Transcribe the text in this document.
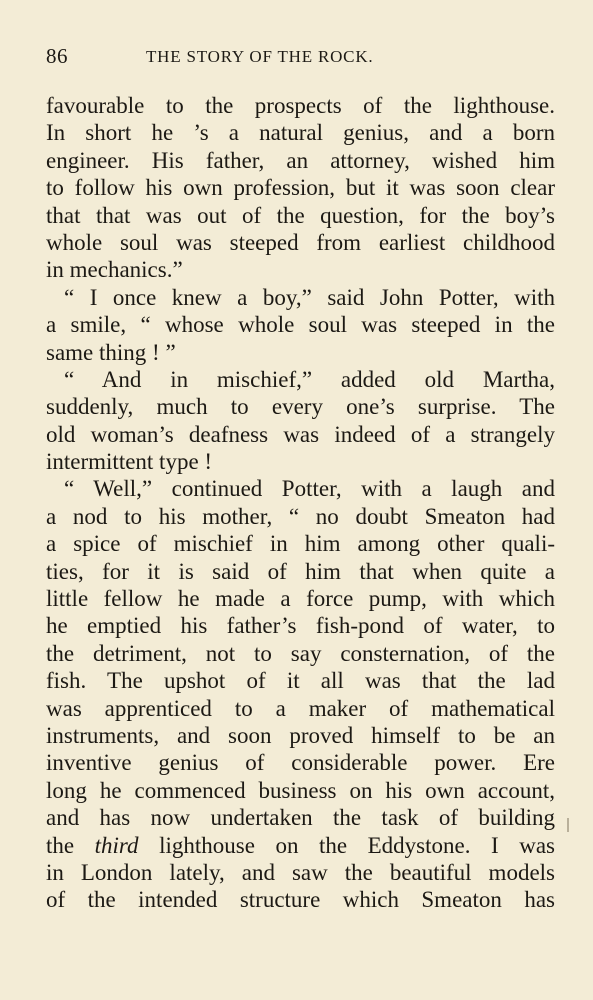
86	THE STORY OF THE ROCK.
favourable to the prospects of the lighthouse.
In short he ’s a natural genius, and a born
engineer. His father, an attorney, wished him
to follow his own profession, but it was soon clear
that that was out of the question, for the boy’s
whole soul was steeped from earliest childhood
in mechanics.”
“ I once knew a boy,” said John Potter, with
a smile, “ whose whole soul was steeped in the
same thing ! ”
“ And in mischief,” added old Martha,
suddenly, much to every one’s surprise. The
old woman’s deafness was indeed of a strangely
intermittent type !
“ Well,” continued Potter, with a laugh and
a nod to his mother, “ no doubt Smeaton had
a spice of mischief in him among other quali-
ties, for it is said of him that when quite a
little fellow he made a force pump, with which
he emptied his father’s fish-pond of water, to
the detriment, not to say consternation, of the
fish. The upshot of it all was that the lad
was apprenticed to a maker of mathematical
instruments, and soon proved himself to be an
inventive genius of considerable power. Ere
long he commenced business on his own account,
and has now undertaken the task of building
the third lighthouse on the Eddystone. I was
in London lately, and saw the beautiful models
of the intended structure which Smeaton has
